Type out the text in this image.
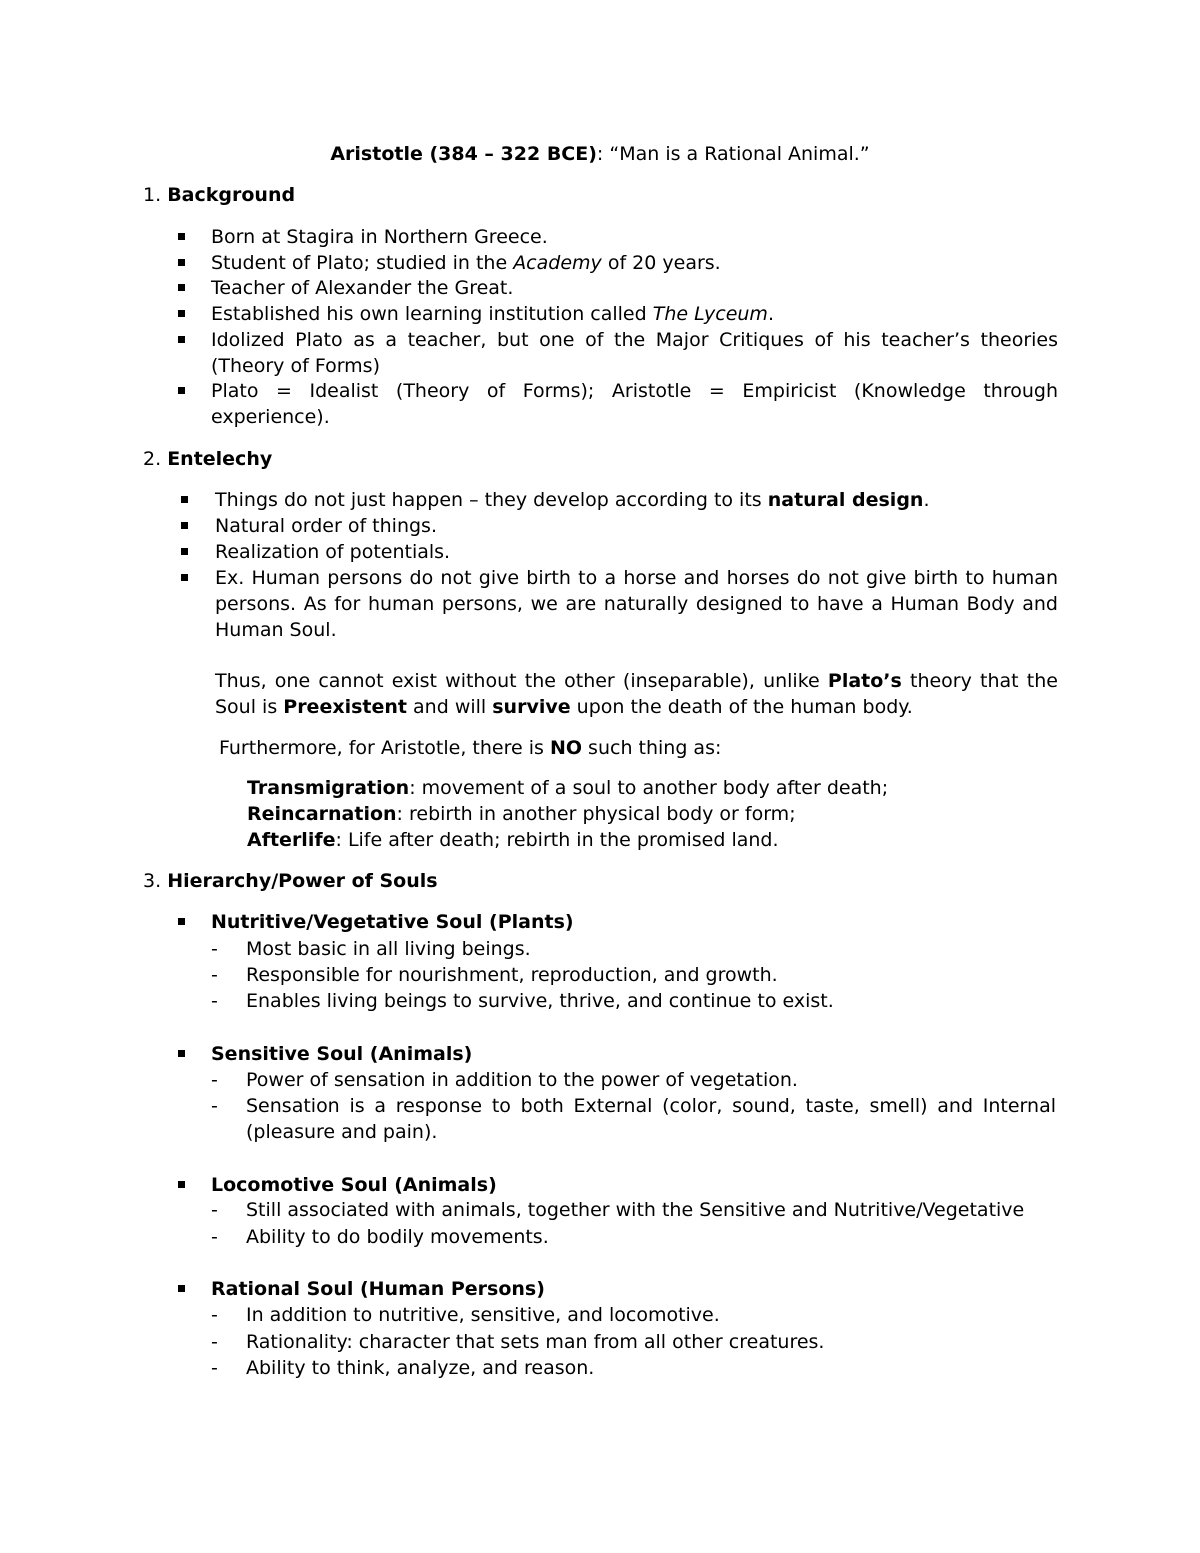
Aristotle (384 – 322 BCE): “Man is a Rational Animal.”
1. Background
Born at Stagira in Northern Greece.
Student of Plato; studied in the Academy of 20 years.
Teacher of Alexander the Great.
Established his own learning institution called The Lyceum.
Idolized Plato as a teacher, but one of the Major Critiques of his teacher’s theories (Theory of Forms)
Plato = Idealist (Theory of Forms); Aristotle = Empiricist (Knowledge through experience).
2. Entelechy
Things do not just happen – they develop according to its natural design.
Natural order of things.
Realization of potentials.
Ex. Human persons do not give birth to a horse and horses do not give birth to human persons. As for human persons, we are naturally designed to have a Human Body and Human Soul.
Thus, one cannot exist without the other (inseparable), unlike Plato’s theory that the Soul is Preexistent and will survive upon the death of the human body.
Furthermore, for Aristotle, there is NO such thing as:
Transmigration: movement of a soul to another body after death;
Reincarnation: rebirth in another physical body or form;
Afterlife: Life after death; rebirth in the promised land.
3. Hierarchy/Power of Souls
Nutritive/Vegetative Soul (Plants)
- Most basic in all living beings.
- Responsible for nourishment, reproduction, and growth.
- Enables living beings to survive, thrive, and continue to exist.
Sensitive Soul (Animals)
- Power of sensation in addition to the power of vegetation.
- Sensation is a response to both External (color, sound, taste, smell) and Internal (pleasure and pain).
Locomotive Soul (Animals)
- Still associated with animals, together with the Sensitive and Nutritive/Vegetative
- Ability to do bodily movements.
Rational Soul (Human Persons)
- In addition to nutritive, sensitive, and locomotive.
- Rationality: character that sets man from all other creatures.
- Ability to think, analyze, and reason.
